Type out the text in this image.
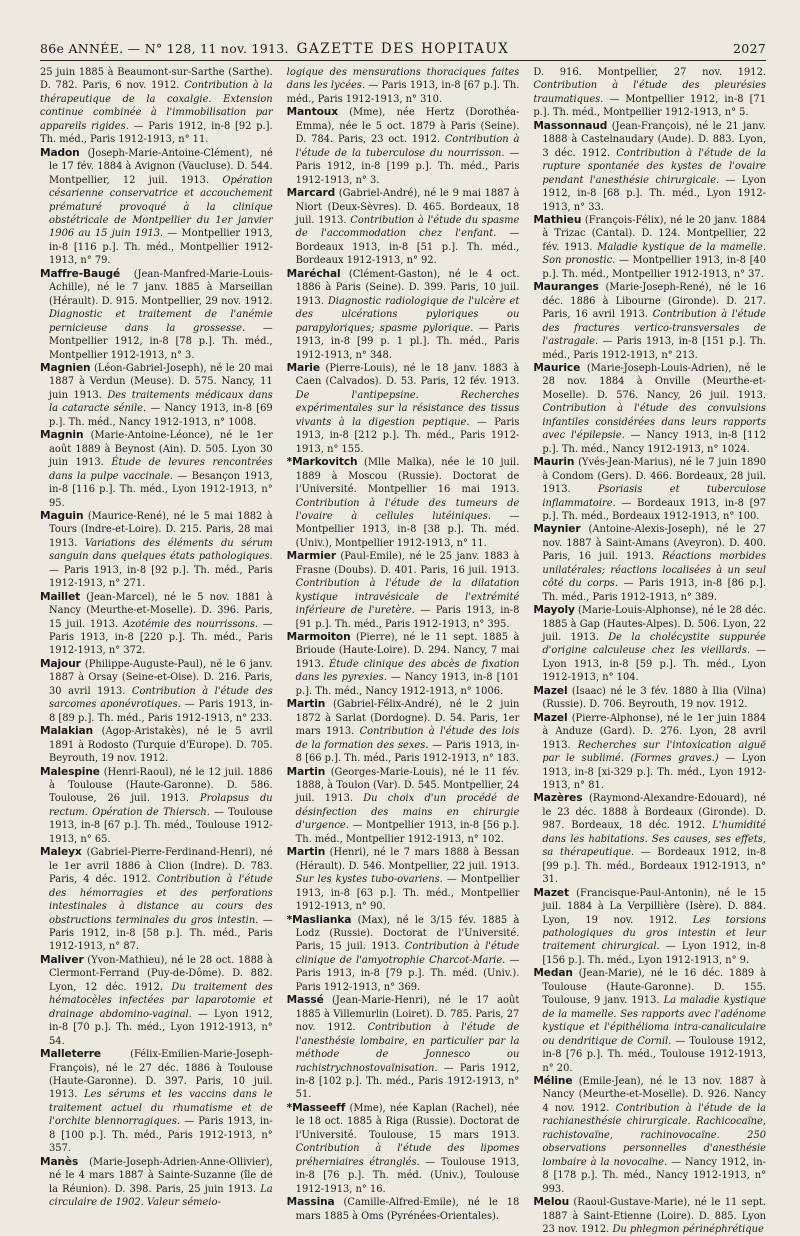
86e ANNÉE. — N° 128, 11 nov. 1913. GAZETTE DES HOPITAUX	2027

25 juin 1885 à Beaumont-sur-Sarthe (Sarthe). D. 782. Paris, 6 nov. 1912. Contribution à la thérapeutique de la coxalgie. Extension continue combinée à l'immobilisation par appareils rigides. — Paris 1912, in-8 [92 p.]. Th. méd., Paris 1912-1913, n° 11.

Madon (Joseph-Marie-Antoine-Clément), né le 17 fév. 1884 à Avignon (Vaucluse). D. 544. Montpellier, 12 juil. 1913. Opération césarienne conservatrice et accouchement prématuré provoqué à la clinique obstétricale de Montpellier du 1er janvier 1906 au 15 juin 1913. — Montpellier 1913, in-8 [116 p.]. Th. méd., Montpellier 1912-1913, n° 79.

Maffre-Baugé (Jean-Manfred-Marie-Louis-Achille), né le 7 janv. 1885 à Marseillan (Hérault). D. 915. Montpellier, 29 nov. 1912. Diagnostic et traitement de l'anémie pernicieuse dans la grossesse. — Montpellier 1912, in-8 [78 p.]. Th. méd., Montpellier 1912-1913, n° 3.

Magnien (Léon-Gabriel-Joseph), né le 20 mai 1887 à Verdun (Meuse). D. 575. Nancy, 11 juin 1913. Des traitements médicaux dans la cataracte sénile. — Nancy 1913, in-8 [69 p.]. Th. méd., Nancy 1912-1913, n° 1008.

Magnin (Marie-Antoine-Léonce), né le 1er août 1889 à Beynost (Ain). D. 505. Lyon 30 juin 1913. Étude de levures rencontrées dans la pulpe vaccinale. — Besançon 1913, in-8 [116 p.]. Th. méd., Lyon 1912-1913, n° 95.

Maguin (Maurice-René), né le 5 mai 1882 à Tours (Indre-et-Loire). D. 215. Paris, 28 mai 1913. Variations des éléments du sérum sanguin dans quelques états pathologiques. — Paris 1913, in-8 [92 p.]. Th. méd., Paris 1912-1913, n° 271.

Maillet (Jean-Marcel), né le 5 nov. 1881 à Nancy (Meurthe-et-Moselle). D. 396. Paris, 15 juil. 1913. Azotémie des nourrissons. — Paris 1913, in-8 [220 p.]. Th. méd., Paris 1912-1913, n° 372.

Majour (Philippe-Auguste-Paul), né le 6 janv. 1887 à Orsay (Seine-et-Oise). D. 216. Paris, 30 avril 1913. Contribution à l'étude des sarcomes aponévrotiques. — Paris 1913, in-8 [89 p.]. Th. méd., Paris 1912-1913, n° 233.

Malakian (Agop-Aristakès), né le 5 avril 1891 à Rodosto (Turquie d'Europe). D. 705. Beyrouth, 19 nov. 1912.

Malespine (Henri-Raoul), né le 12 juil. 1886 à Toulouse (Haute-Garonne). D. 586. Toulouse, 26 juil. 1913. Prolapsus du rectum. Opération de Thiersch. — Toulouse 1913, in-8 [67 p.]. Th. méd., Toulouse 1912-1913, n° 65.

Maleyx (Gabriel-Pierre-Ferdinand-Henri), né le 1er avril 1886 à Clion (Indre). D. 783. Paris, 4 déc. 1912. Contribution à l'étude des hémorragies et des perforations intestinales à distance au cours des obstructions terminales du gros intestin. — Paris 1912, in-8 [58 p.]. Th. méd., Paris 1912-1913, n° 87.

Maliver (Yvon-Mathieu), né le 28 oct. 1888 à Clermont-Ferrand (Puy-de-Dôme). D. 882. Lyon, 12 déc. 1912. Du traitement des hématocèles infectées par laparotomie et drainage abdomino-vaginal. — Lyon 1912, in-8 [70 p.]. Th. méd., Lyon 1912-1913, n° 54.

Malleterre (Félix-Emilien-Marie-Joseph-François), né le 27 déc. 1886 à Toulouse (Haute-Garonne). D. 397. Paris, 10 juil. 1913. Les sérums et les vaccins dans le traitement actuel du rhumatisme et de l'orchite blennorragiques. — Paris 1913, in-8 [100 p.]. Th. méd., Paris 1912-1913, n° 357.

Manès (Marie-Joseph-Adrien-Anne-Ollivier), né le 4 mars 1887 à Sainte-Suzanne (île de la Réunion). D. 398. Paris, 25 juin 1913. La circulaire de 1902. Valeur sémeio-

logique des mensurations thoraciques faites dans les lycées. — Paris 1913, in-8 [67 p.]. Th. méd., Paris 1912-1913, n° 310.

Mantoux (Mme), née Hertz (Dorothéa-Emma), née le 5 oct. 1879 à Paris (Seine). D. 784. Paris, 23 oct. 1912. Contribution à l'étude de la tuberculose du nourrisson. — Paris 1912, in-8 [199 p.]. Th. méd., Paris 1912-1913, n° 3.

Marcard (Gabriel-André), né le 9 mai 1887 à Niort (Deux-Sèvres). D. 465. Bordeaux, 18 juil. 1913. Contribution à l'étude du spasme de l'accommodation chez l'enfant. — Bordeaux 1913, in-8 [51 p.]. Th. méd., Bordeaux 1912-1913, n° 92.

Maréchal (Clément-Gaston), né le 4 oct. 1886 à Paris (Seine). D. 399. Paris, 10 juil. 1913. Diagnostic radiologique de l'ulcère et des ulcérations pyloriques ou parapyloriques; spasme pylorique. — Paris 1913, in-8 [99 p. 1 pl.]. Th. méd., Paris 1912-1913, n° 348.

Marie (Pierre-Louis), né le 18 janv. 1883 à Caen (Calvados). D. 53. Paris, 12 fév. 1913. De l'antipepsine. Recherches expérimentales sur la résistance des tissus vivants à la digestion peptique. — Paris 1913, in-8 [212 p.]. Th. méd., Paris 1912-1913, n° 155.

*Markovitch (Mlle Malka), née le 10 juil. 1889 à Moscou (Russie). Doctorat de l'Université. Montpellier 16 mai 1913. Contribution à l'étude des tumeurs de l'ovaire à cellules lutéiniques. — Montpellier 1913, in-8 [38 p.]. Th. méd. (Univ.), Montpellier 1912-1913, n° 11.

Marmier (Paul-Emile), né le 25 janv. 1883 à Frasne (Doubs). D. 401. Paris, 16 juil. 1913. Contribution à l'étude de la dilatation kystique intravésicale de l'extrémité inférieure de l'uretère. — Paris 1913, in-8 [91 p.]. Th. méd., Paris 1912-1913, n° 395.

Marmoiton (Pierre), né le 11 sept. 1885 à Brioude (Haute-Loire). D. 294. Nancy, 7 mai 1913. Étude clinique des abcès de fixation dans les pyrexies. — Nancy 1913, in-8 [101 p.]. Th. méd., Nancy 1912-1913, n° 1006.

Martin (Gabriel-Félix-André), né le 2 juin 1872 à Sarlat (Dordogne). D. 54. Paris, 1er mars 1913. Contribution à l'étude des lois de la formation des sexes. — Paris 1913, in-8 [66 p.]. Th. méd., Paris 1912-1913, n° 183.

Martin (Georges-Marie-Louis), né le 11 fév. 1888, à Toulon (Var). D. 545. Montpellier, 24 juil. 1913. Du choix d'un procédé de désinfection des mains en chirurgie d'urgence. — Montpellier 1913, in-8 [56 p.]. Th. méd., Montpellier 1912-1913, n° 102.

Martin (Henri), né le 7 mars 1888 à Bessan (Hérault). D. 546. Montpellier, 22 juil. 1913. Sur les kystes tubo-ovariens. — Montpellier 1913, in-8 [63 p.]. Th. méd., Montpellier 1912-1913, n° 90.

*Maslianka (Max), né le 3/15 fév. 1885 à Lodz (Russie). Doctorat de l'Université. Paris, 15 juil. 1913. Contribution à l'étude clinique de l'amyotrophie Charcot-Marie. — Paris 1913, in-8 [79 p.]. Th. méd. (Univ.). Paris 1912-1913, n° 369.

Massé (Jean-Marie-Henri), né le 17 août 1885 à Villemurlin (Loiret). D. 785. Paris, 27 nov. 1912. Contribution à l'étude de l'anesthésie lombaire, en particulier par la méthode de Jonnesco ou rachistrychnostovaïnisation. — Paris 1912, in-8 [102 p.]. Th. méd., Paris 1912-1913, n° 51.

*Masseeff (Mme), née Kaplan (Rachel), née le 18 oct. 1885 à Riga (Russie). Doctorat de l'Université. Toulouse, 15 mars 1913. Contribution à l'étude des lipomes préherniaires étranglés. — Toulouse 1913, in-8 [76 p.]. Th. méd. (Univ.), Toulouse 1912-1913, n° 16.

Massina (Camille-Alfred-Emile), né le 18 mars 1885 à Oms (Pyrénées-Orientales).

D. 916. Montpellier, 27 nov. 1912. Contribution à l'étude des pleurésies traumatiques. — Montpellier 1912, in-8 [71 p.]. Th. méd., Montpellier 1912-1913, n° 5.

Massonnaud (Jean-François), né le 21 janv. 1888 à Castelnaudary (Aude). D. 883. Lyon, 3 déc. 1912. Contribution à l'étude de la rupture spontanée des kystes de l'ovaire pendant l'anesthésie chirurgicale. — Lyon 1912, in-8 [68 p.]. Th. méd., Lyon 1912-1913, n° 33.

Mathieu (François-Félix), né le 20 janv. 1884 à Trizac (Cantal). D. 124. Montpellier, 22 fév. 1913. Maladie kystique de la mamelle. Son pronostic. — Montpellier 1913, in-8 [40 p.]. Th. méd., Montpellier 1912-1913, n° 37.

Mauranges (Marie-Joseph-René), né le 16 déc. 1886 à Libourne (Gironde). D. 217. Paris, 16 avril 1913. Contribution à l'étude des fractures vertico-transversales de l'astragale. — Paris 1913, in-8 [151 p.]. Th. méd., Paris 1912-1913, n° 213.

Maurice (Marie-Joseph-Louis-Adrien), né le 28 nov. 1884 à Onville (Meurthe-et-Moselle). D. 576. Nancy, 26 juil. 1913. Contribution à l'étude des convulsions infantiles considérées dans leurs rapports avec l'épilepsie. — Nancy 1913, in-8 [112 p.]. Th. méd., Nancy 1912-1913, n° 1024.

Maurin (Yvés-Jean-Marius), né le 7 juin 1890 à Condom (Gers). D. 466. Bordeaux, 28 juil. 1913. Psoriasis et tuberculose inflammatoire. — Bordeaux 1913, in-8 [97 p.]. Th. méd., Bordeaux 1912-1913, n° 100.

Maynier (Antoine-Alexis-Joseph), né le 27 nov. 1887 à Saint-Amans (Aveyron). D. 400. Paris, 16 juil. 1913. Réactions morbides unilatérales; réactions localisées à un seul côté du corps. — Paris 1913, in-8 [86 p.]. Th. méd., Paris 1912-1913, n° 389.

Mayoly (Marie-Louis-Alphonse), né le 28 déc. 1885 à Gap (Hautes-Alpes). D. 506. Lyon, 22 juil. 1913. De la cholécystite suppurée d'origine calculeuse chez les vieillards. — Lyon 1913, in-8 [59 p.]. Th. méd., Lyon 1912-1913, n° 104.

Mazel (Isaac) né le 3 fév. 1880 à Ilia (Vilna) (Russie). D. 706. Beyrouth, 19 nov. 1912.

Mazel (Pierre-Alphonse), né le 1er juin 1884 à Anduze (Gard). D. 276. Lyon, 28 avril 1913. Recherches sur l'intoxication aiguë par le sublimé. (Formes graves.) — Lyon 1913, in-8 [xi-329 p.]. Th. méd., Lyon 1912-1913, n° 81.

Mazères (Raymond-Alexandre-Edouard), né le 23 déc. 1888 à Bordeaux (Gironde). D. 987. Bordeaux, 18 déc. 1912. L'humidité dans les habitations. Ses causes, ses effets, sa thérapeutique. — Bordeaux 1912, in-8 [99 p.]. Th. méd., Bordeaux 1912-1913, n° 31.

Mazet (Francisque-Paul-Antonin), né le 15 juil. 1884 à La Verpillière (Isère). D. 884. Lyon, 19 nov. 1912. Les torsions pathologiques du gros intestin et leur traitement chirurgical. — Lyon 1912, in-8 [156 p.]. Th. méd., Lyon 1912-1913, n° 9.

Medan (Jean-Marie), né le 16 déc. 1889 à Toulouse (Haute-Garonne). D. 155. Toulouse, 9 janv. 1913. La maladie kystique de la mamelle. Ses rapports avec l'adénome kystique et l'épithélioma intra-canaliculaire ou dendritique de Cornil. — Toulouse 1912, in-8 [76 p.]. Th. méd., Toulouse 1912-1913, n° 20.

Méline (Emile-Jean), né le 13 nov. 1887 à Nancy (Meurthe-et-Moselle). D. 926. Nancy 4 nov. 1912. Contribution à l'étude de la rachianesthésie chirurgicale. Rachicocaïne, rachistovaïne, rachinovocaïne. 250 observations personnelles d'anesthésie lombaire à la novocaïne. — Nancy 1912, in-8 [178 p.]. Th. méd., Nancy 1912-1913, n° 993.

Melou (Raoul-Gustave-Marie), né le 11 sept. 1887 à Saint-Etienne (Loire). D. 885. Lyon 23 nov. 1912. Du phlegmon périnéphrétique
